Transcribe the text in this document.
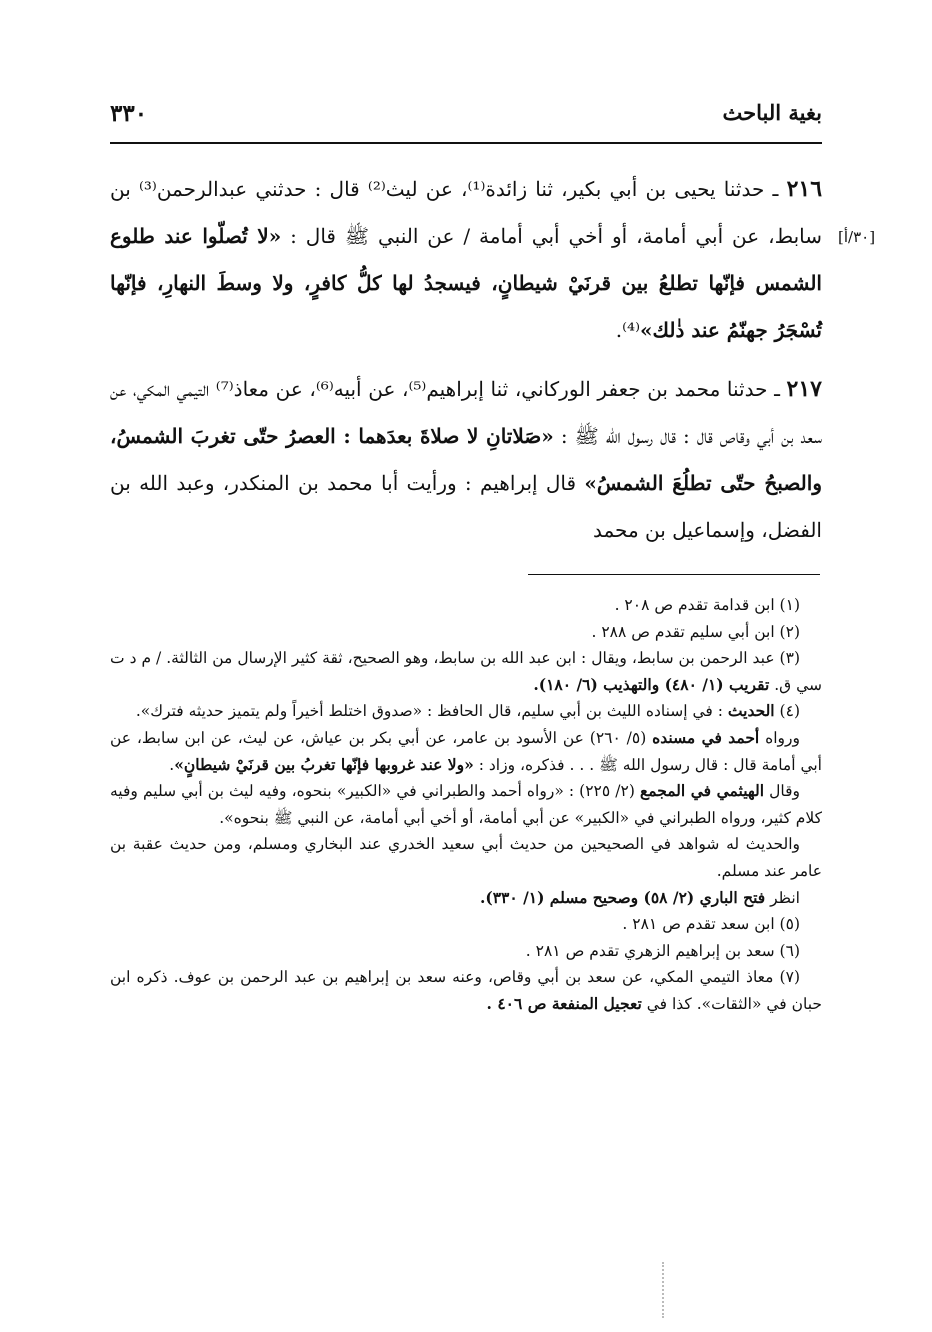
بغية الباحث
٣٣٠
[٣٠/أ]

٢١٦ ـ حدثنا يحيى بن أبي بكير، ثنا زائدة⁽¹⁾، عن ليث⁽²⁾ قال : حدثني عبدالرحمن⁽³⁾ بن سابط، عن أبي أمامة، أو أخي أبي أمامة / عن النبي ﷺ قال : «لا تُصلّوا عند طلوع الشمس فإنّها تطلعُ بين قرنَيْ شيطانٍ، فيسجدُ لها كلُّ كافرٍ، ولا وسطَ النهارِ، فإنّها تُسْجَرُ جهنّمُ عند ذٰلك»⁽⁴⁾.

٢١٧ ـ حدثنا محمد بن جعفر الوركاني، ثنا إبراهيم⁽⁵⁾، عن أبيه⁽⁶⁾، عن معاذ⁽⁷⁾ التيمي المكي، عن سعد بن أبي وقاص قال : قال رسول الله ﷺ : «صَلاتانِ لا صلاةَ بعدَهما : العصرُ حتّى تغربَ الشمسُ، والصبحُ حتّى تطلُعَ الشمسُ» قال إبراهيم : ورأيت أبا محمد بن المنكدر، وعبد الله بن الفضل، وإسماعيل بن محمد

(١) ابن قدامة تقدم ص ٢٠٨ .

(٢) ابن أبي سليم تقدم ص ٢٨٨ .

(٣) عبد الرحمن بن سابط، ويقال : ابن عبد الله بن سابط، وهو الصحيح، ثقة كثير الإرسال من الثالثة. / م د ت سي ق. تقريب (١/ ٤٨٠) والتهذيب (٦/ ١٨٠).

(٤) الحديث : في إسناده الليث بن أبي سليم، قال الحافظ : «صدوق اختلط أخيراً ولم يتميز حديثه فترك».

ورواه أحمد في مسنده (٥/ ٢٦٠) عن الأسود بن عامر، عن أبي بكر بن عياش، عن ليث، عن ابن سابط، عن أبي أمامة قال : قال رسول الله ﷺ . . . فذكره، وزاد : «ولا عند غروبها فإنّها تغربُ بين قرنَيْ شيطانٍ».

وقال الهيثمي في المجمع (٢/ ٢٢٥) : «رواه أحمد والطبراني في «الكبير» بنحوه، وفيه ليث بن أبي سليم وفيه كلام كثير، ورواه الطبراني في «الكبير» عن أبي أمامة، أو أخي أبي أمامة، عن النبي ﷺ بنحوه».

والحديث له شواهد في الصحيحين من حديث أبي سعيد الخدري عند البخاري ومسلم، ومن حديث عقبة بن عامر عند مسلم.

انظر فتح الباري (٢/ ٥٨) وصحيح مسلم (١/ ٣٣٠).

(٥) ابن سعد تقدم ص ٢٨١ .

(٦) سعد بن إبراهيم الزهري تقدم ص ٢٨١ .

(٧) معاذ التيمي المكي، عن سعد بن أبي وقاص، وعنه سعد بن إبراهيم بن عبد الرحمن بن عوف. ذكره ابن حبان في «الثقات». كذا في تعجيل المنفعة ص ٤٠٦ .
